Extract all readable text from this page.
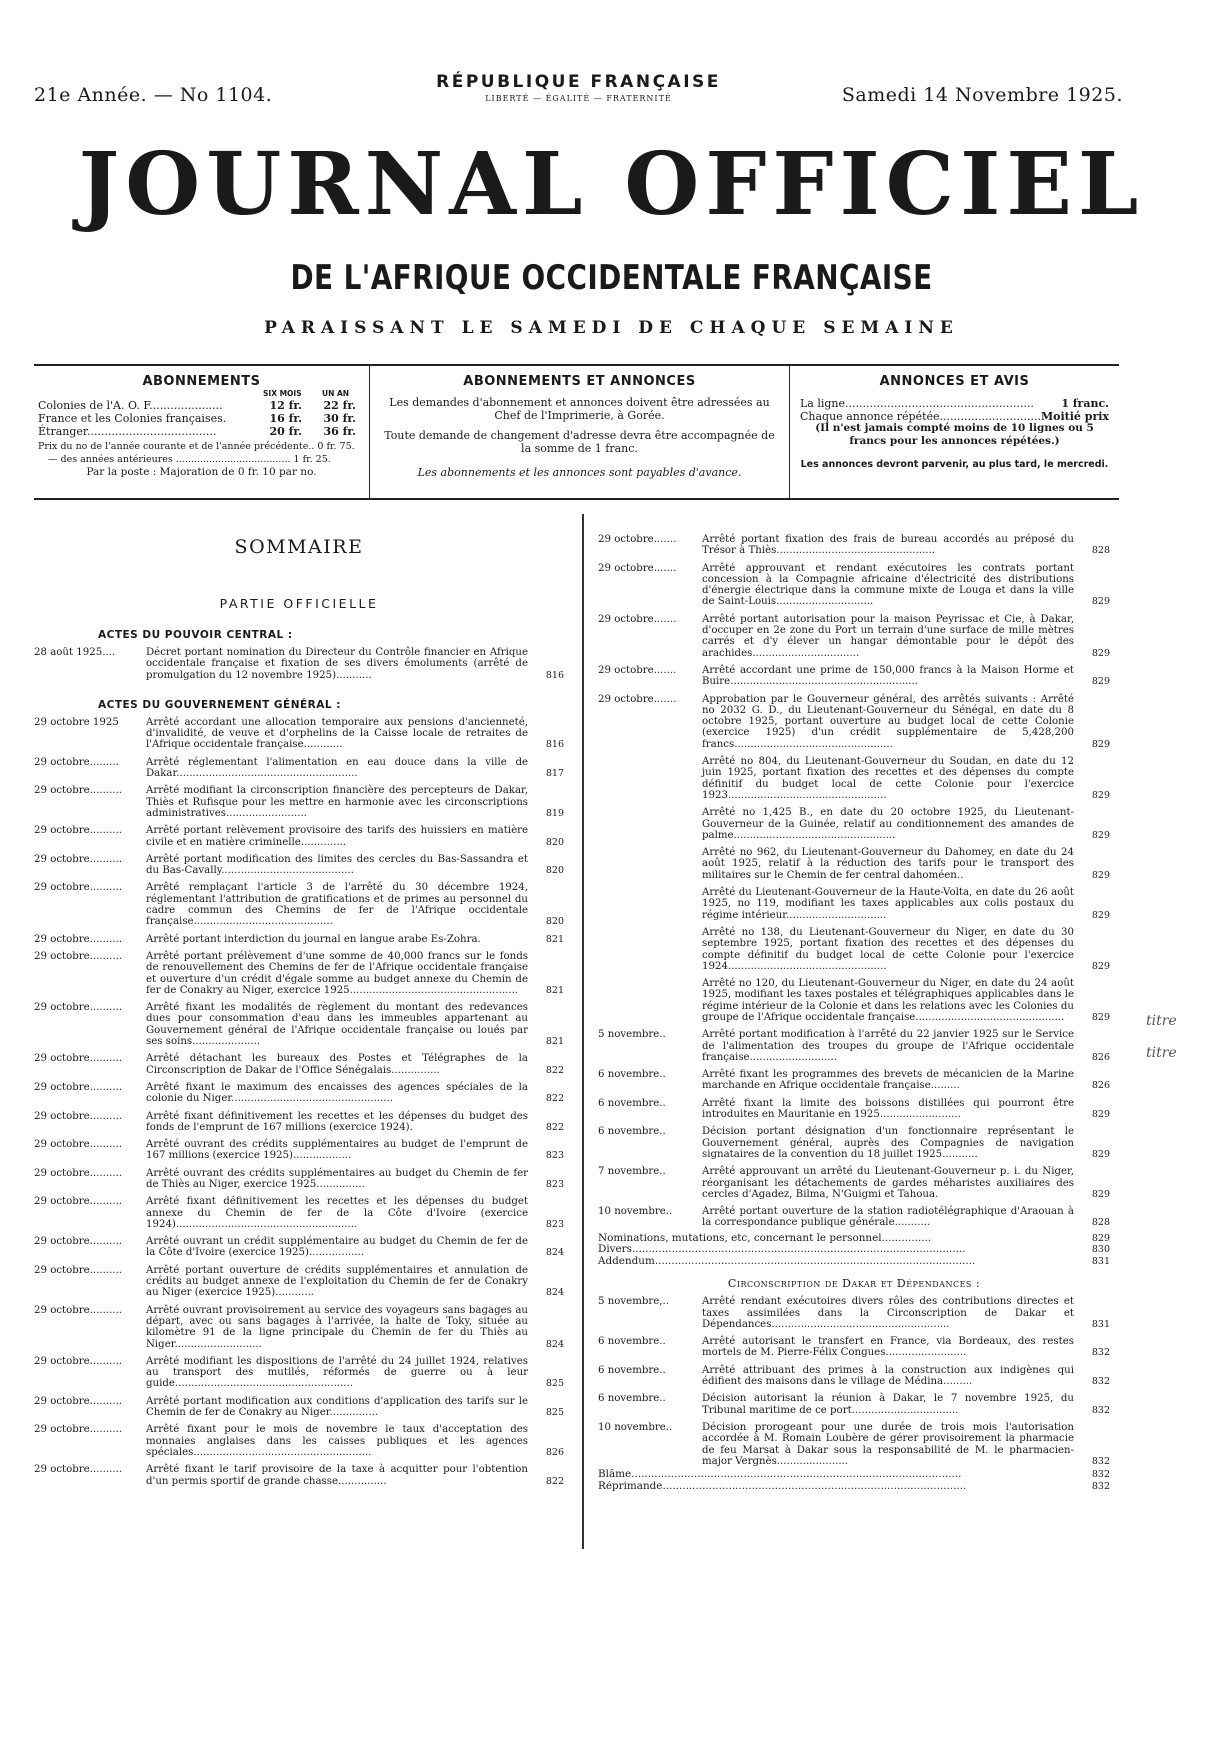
21e Année. — No 1104.
RÉPUBLIQUE FRANÇAISE
LIBERTÉ — ÉGALITÉ — FRATERNITÉ	Samedi 14 Novembre 1925.
JOURNAL OFFICIEL
DE L'AFRIQUE OCCIDENTALE FRANÇAISE
PARAISSANT LE SAMEDI DE CHAQUE SEMAINE
ABONNEMENTS
SIX MOIS	UN AN
Colonies de l'A. O. F.....................	12 fr.	22 fr.
France et les Colonies françaises.	16 fr.	30 fr.
Étranger.....................................	20 fr.	36 fr.
Prix du no de l'année courante et de l'année précédente.. 0 fr. 75.
— des années antérieures ...................................... 1 fr. 25.
Par la poste : Majoration de 0 fr. 10 par no.
ABONNEMENTS ET ANNONCES
Les demandes d'abonnement et annonces doivent être adressées au Chef de l'Imprimerie, à Gorée.
Toute demande de changement d'adresse devra être accompagnée de la somme de 1 franc.
Les abonnements et les annonces sont payables d'avance.
ANNONCES ET AVIS
La ligne...................................................... 1 franc.
Chaque annonce répétée............................. Moitié prix
(Il n'est jamais compté moins de 10 lignes ou 5 francs pour les annonces répétées.)
Les annonces devront parvenir, au plus tard, le mercredi.
SOMMAIRE
PARTIE OFFICIELLE
ACTES DU POUVOIR CENTRAL :
28 août 1925....	Décret portant nomination du Directeur du Contrôle financier en Afrique occidentale française et fixation de ses divers émoluments (arrêté de promulgation du 12 novembre 1925)...........	816
ACTES DU GOUVERNEMENT GÉNÉRAL :
29 octobre 1925	Arrêté accordant une allocation temporaire aux pensions d'ancienneté, d'invalidité, de veuve et d'orphelins de la Caisse locale de retraites de l'Afrique occidentale française............	816
29 octobre.........	Arrêté réglementant l'alimentation en eau douce dans la ville de Dakar........................................................	817
29 octobre..........	Arrêté modifiant la circonscription financière des percepteurs de Dakar, Thiès et Rufisque pour les mettre en harmonie avec les circonscriptions administratives.........................	819
29 octobre..........	Arrêté portant relèvement provisoire des tarifs des huissiers en matière civile et en matière criminelle..............	820
29 octobre..........	Arrêté portant modification des limites des cercles du Bas-Sassandra et du Bas-Cavally.........................................	820
29 octobre..........	Arrêté remplaçant l'article 3 de l'arrêté du 30 décembre 1924, réglementant l'attribution de gratifications et de primes au personnel du cadre commun des Chemins de fer de l'Afrique occidentale française...........................................	820
29 octobre..........	Arrêté portant interdiction du journal en langue arabe Es-Zohra.	821
29 octobre..........	Arrêté portant prélèvement d'une somme de 40,000 francs sur le fonds de renouvellement des Chemins de fer de l'Afrique occidentale française et ouverture d'un crédit d'égale somme au budget annexe du Chemin de fer de Conakry au Niger, exercice 1925....................................................	821
29 octobre..........	Arrêté fixant les modalités de règlement du montant des redevances dues pour consommation d'eau dans les immeubles appartenant au Gouvernement général de l'Afrique occidentale française ou loués par ses soins.....................	821
29 octobre..........	Arrêté détachant les bureaux des Postes et Télégraphes de la Circonscription de Dakar de l'Office Sénégalais...............	822
29 octobre..........	Arrêté fixant le maximum des encaisses des agences spéciales de la colonie du Niger..................................................	822
29 octobre..........	Arrêté fixant définitivement les recettes et les dépenses du budget des fonds de l'emprunt de 167 millions (exercice 1924).	822
29 octobre..........	Arrêté ouvrant des crédits supplémentaires au budget de l'emprunt de 167 millions (exercice 1925)..................	823
29 octobre..........	Arrêté ouvrant des crédits supplémentaires au budget du Chemin de fer de Thiès au Niger, exercice 1925...............	823
29 octobre..........	Arrêté fixant définitivement les recettes et les dépenses du budget annexe du Chemin de fer de la Côte d'Ivoire (exercice 1924)........................................................	823
29 octobre..........	Arrêté ouvrant un crédit supplémentaire au budget du Chemin de fer de la Côte d'Ivoire (exercice 1925).................	824
29 octobre..........	Arrêté portant ouverture de crédits supplémentaires et annulation de crédits au budget annexe de l'exploitation du Chemin de fer de Conakry au Niger (exercice 1925)............	824
29 octobre..........	Arrêté ouvrant provisoirement au service des voyageurs sans bagages au départ, avec ou sans bagages à l'arrivée, la halte de Toky, située au kilomètre 91 de la ligne principale du Chemin de fer du Thiès au Niger...........................	824
29 octobre..........	Arrêté modifiant les dispositions de l'arrêté du 24 juillet 1924, relatives au transport des mutilés, réformés de guerre ou à leur guide.......................................................	825
29 octobre..........	Arrêté portant modification aux conditions d'application des tarifs sur le Chemin de fer de Conakry au Niger...............	825
29 octobre..........	Arrêté fixant pour le mois de novembre le taux d'acceptation des monnaies anglaises dans les caisses publiques et les agences spéciales.......................................................	826
29 octobre..........	Arrêté fixant le tarif provisoire de la taxe à acquitter pour l'obtention d'un permis sportif de grande chasse...............	822
29 octobre.......	Arrêté portant fixation des frais de bureau accordés au préposé du Trésor à Thiès.................................................	828
29 octobre.......	Arrêté approuvant et rendant exécutoires les contrats portant concession à la Compagnie africaine d'électricité des distributions d'énergie électrique dans la commune mixte de Louga et dans la ville de Saint-Louis..............................	829
29 octobre.......	Arrêté portant autorisation pour la maison Peyrissac et Cie, à Dakar, d'occuper en 2e zone du Port un terrain d'une surface de mille mètres carrés et d'y élever un hangar démontable pour le dépôt des arachides.................................	829
29 octobre.......	Arrêté accordant une prime de 150,000 francs à la Maison Horme et Buire..........................................................	829
29 octobre.......	Approbation par le Gouverneur général, des arrêtés suivants : Arrêté no 2032 G. D., du Lieutenant-Gouverneur du Sénégal, en date du 8 octobre 1925, portant ouverture au budget local de cette Colonie (exercice 1925) d'un crédit supplémentaire de 5,428,200 francs.................................................	829
Arrêté no 804, du Lieutenant-Gouverneur du Soudan, en date du 12 juin 1925, portant fixation des recettes et des dépenses du compte définitif du budget local de cette Colonie pour l'exercice 1923.................................................	829
Arrêté no 1,425 B., en date du 20 octobre 1925, du Lieutenant-Gouverneur de la Guinée, relatif au conditionnement des amandes de palme..................................................	829
Arrêté no 962, du Lieutenant-Gouverneur du Dahomey, en date du 24 août 1925, relatif à la réduction des tarifs pour le transport des militaires sur le Chemin de fer central dahoméen..	829
Arrêté du Lieutenant-Gouverneur de la Haute-Volta, en date du 26 août 1925, no 119, modifiant les taxes applicables aux colis postaux du régime intérieur...............................	829
Arrêté no 138, du Lieutenant-Gouverneur du Niger, en date du 30 septembre 1925, portant fixation des recettes et des dépenses du compte définitif du budget local de cette Colonie pour l'exercice 1924.................................................	829
Arrêté no 120, du Lieutenant-Gouverneur du Niger, en date du 24 août 1925, modifiant les taxes postales et télégraphiques applicables dans le régime intérieur de la Colonie et dans les relations avec les Colonies du groupe de l'Afrique occidentale française..............................................	829
5 novembre..	Arrêté portant modification à l'arrêté du 22 janvier 1925 sur le Service de l'alimentation des troupes du groupe de l'Afrique occidentale française...........................	826
6 novembre..	Arrêté fixant les programmes des brevets de mécanicien de la Marine marchande en Afrique occidentale française.........	826
6 novembre..	Arrêté fixant la limite des boissons distillées qui pourront être introduites en Mauritanie en 1925.........................	829
6 novembre..	Décision portant désignation d'un fonctionnaire représentant le Gouvernement général, auprès des Compagnies de navigation signataires de la convention du 18 juillet 1925...........	829
7 novembre..	Arrêté approuvant un arrêté du Lieutenant-Gouverneur p. i. du Niger, réorganisant les détachements de gardes méharistes auxiliaires des cercles d'Agadez, Bilma, N'Guigmi et Tahoua.	829
10 novembre..	Arrêté portant ouverture de la station radiotélégraphique d'Araouan à la correspondance publique générale...........	828
Nominations, mutations, etc, concernant le personnel...............	829
Divers.....................................................................................................	830
Addendum.................................................................................................	831
Circonscription de Dakar et Dépendances :
5 novembre,..	Arrêté rendant exécutoires divers rôles des contributions directes et taxes assimilées dans la Circonscription de Dakar et Dépendances.......................................................	831
6 novembre..	Arrêté autorisant le transfert en France, via Bordeaux, des restes mortels de M. Pierre-Félix Congues.........................	832
6 novembre..	Arrêté attribuant des primes à la construction aux indigènes qui édifient des maisons dans le village de Médina.........	832
6 novembre..	Décision autorisant la réunion à Dakar, le 7 novembre 1925, du Tribunal maritime de ce port.................................	832
10 novembre..	Décision prorogeant pour une durée de trois mois l'autorisation accordée à M. Romain Loubère de gérer provisoirement la pharmacie de feu Marsat à Dakar sous la responsabilité de M. le pharmacien-major Vergnès......................	832
Blâme....................................................................................................	832
Réprimande............................................................................................	832
titre
titre
